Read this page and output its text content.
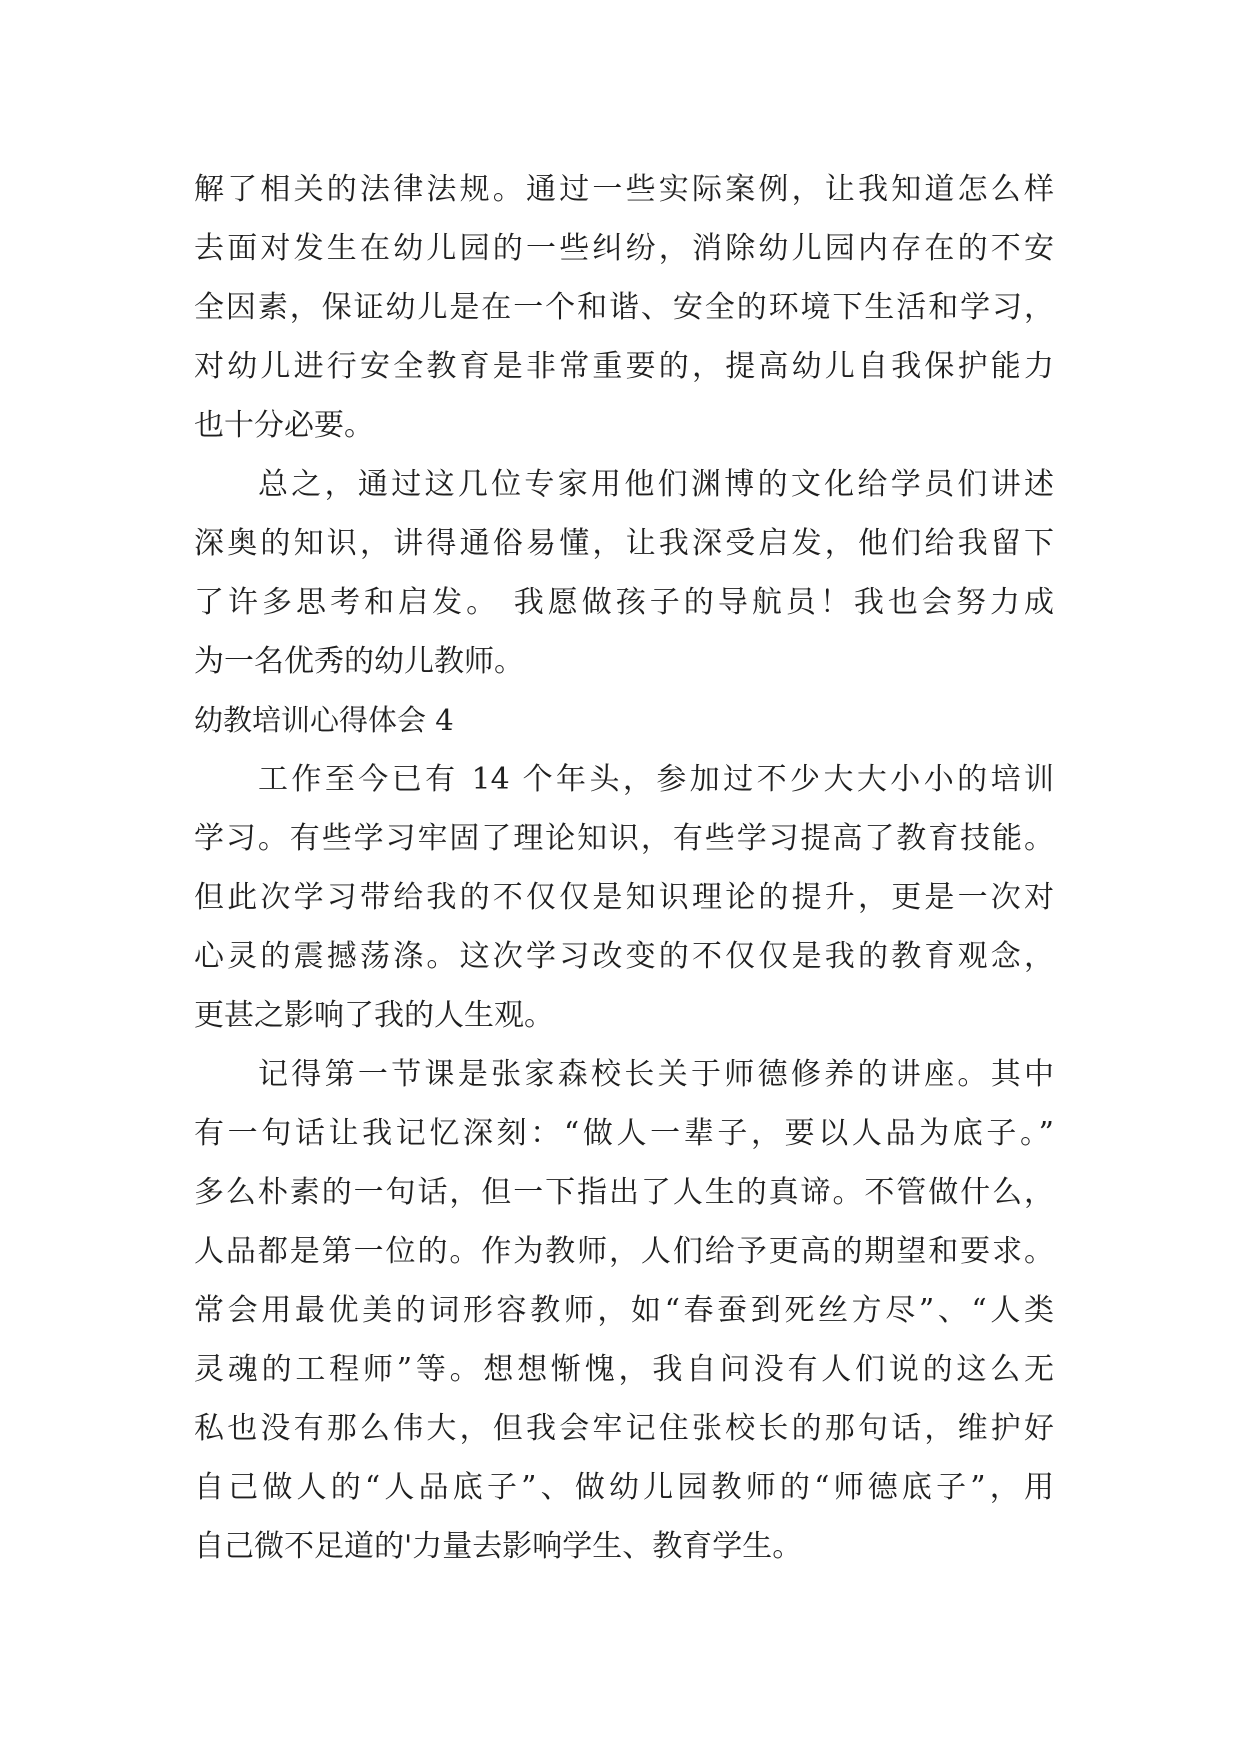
解了相关的法律法规。通过一些实际案例，让我知道怎么样
去面对发生在幼儿园的一些纠纷，消除幼儿园内存在的不安
全因素，保证幼儿是在一个和谐、安全的环境下生活和学习，
对幼儿进行安全教育是非常重要的，提高幼儿自我保护能力
也十分必要。
总之，通过这几位专家用他们渊博的文化给学员们讲述
深奥的知识，讲得通俗易懂，让我深受启发，他们给我留下
了许多思考和启发。 我愿做孩子的导航员！我也会努力成
为一名优秀的幼儿教师。
幼教培训心得体会 4
工作至今已有 14 个年头，参加过不少大大小小的培训
学习。有些学习牢固了理论知识，有些学习提高了教育技能。
但此次学习带给我的不仅仅是知识理论的提升，更是一次对
心灵的震撼荡涤。这次学习改变的不仅仅是我的教育观念，
更甚之影响了我的人生观。
记得第一节课是张家森校长关于师德修养的讲座。其中
有一句话让我记忆深刻：“做人一辈子，要以人品为底子。”
多么朴素的一句话，但一下指出了人生的真谛。不管做什么，
人品都是第一位的。作为教师，人们给予更高的期望和要求。
常会用最优美的词形容教师，如“春蚕到死丝方尽”、“人类
灵魂的工程师”等。想想惭愧，我自问没有人们说的这么无
私也没有那么伟大，但我会牢记住张校长的那句话，维护好
自己做人的“人品底子”、做幼儿园教师的“师德底子”，用
自己微不足道的'力量去影响学生、教育学生。
